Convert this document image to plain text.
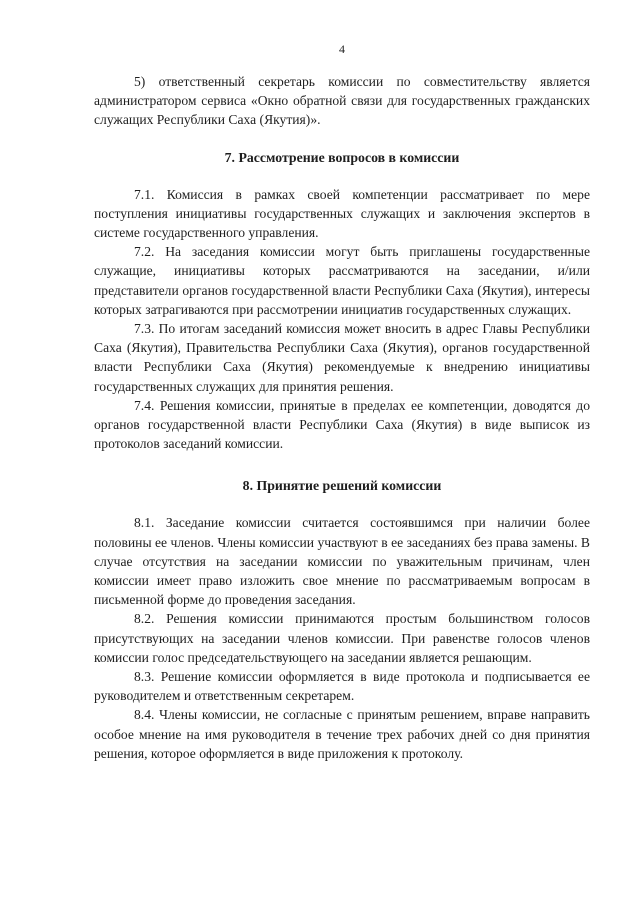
4

5) ответственный секретарь комиссии по совместительству является администратором сервиса «Окно обратной связи для государственных гражданских служащих Республики Саха (Якутия)».

7. Рассмотрение вопросов в комиссии

7.1. Комиссия в рамках своей компетенции рассматривает по мере поступления инициативы государственных служащих и заключения экспертов в системе государственного управления.

7.2. На заседания комиссии могут быть приглашены государственные служащие, инициативы которых рассматриваются на заседании, и/или представители органов государственной власти Республики Саха (Якутия), интересы которых затрагиваются при рассмотрении инициатив государственных служащих.

7.3. По итогам заседаний комиссия может вносить в адрес Главы Республики Саха (Якутия), Правительства Республики Саха (Якутия), органов государственной власти Республики Саха (Якутия) рекомендуемые к внедрению инициативы государственных служащих для принятия решения.

7.4. Решения комиссии, принятые в пределах ее компетенции, доводятся до органов государственной власти Республики Саха (Якутия) в виде выписок из протоколов заседаний комиссии.

8. Принятие решений комиссии

8.1. Заседание комиссии считается состоявшимся при наличии более половины ее членов. Члены комиссии участвуют в ее заседаниях без права замены. В случае отсутствия на заседании комиссии по уважительным причинам, член комиссии имеет право изложить свое мнение по рассматриваемым вопросам в письменной форме до проведения заседания.

8.2. Решения комиссии принимаются простым большинством голосов присутствующих на заседании членов комиссии. При равенстве голосов членов комиссии голос председательствующего на заседании является решающим.

8.3. Решение комиссии оформляется в виде протокола и подписывается ее руководителем и ответственным секретарем.

8.4. Члены комиссии, не согласные с принятым решением, вправе направить особое мнение на имя руководителя в течение трех рабочих дней со дня принятия решения, которое оформляется в виде приложения к протоколу.
